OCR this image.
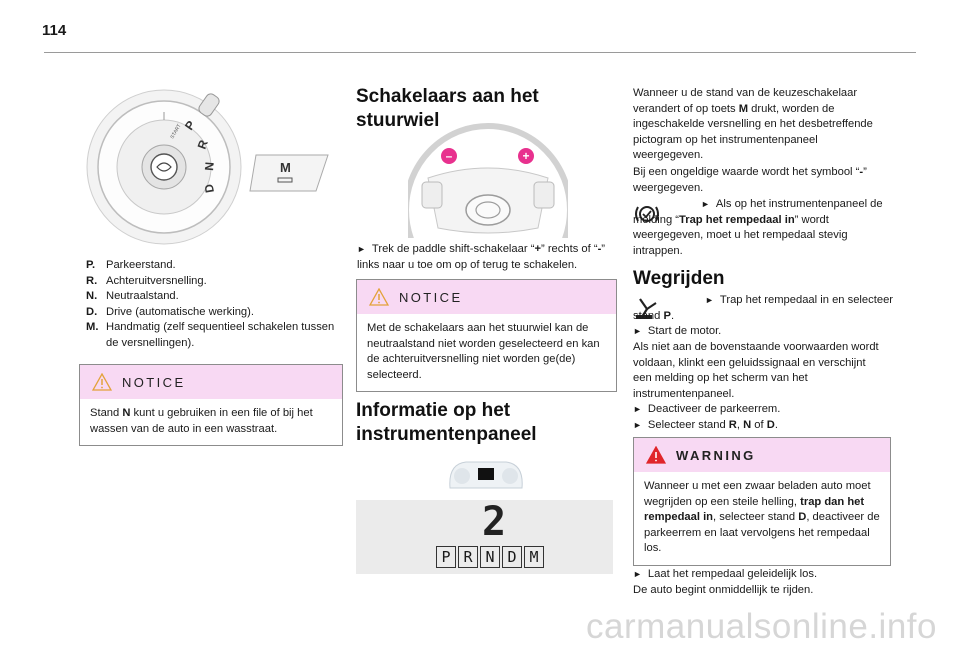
114
P
R
N
D
START
M
P. Parkeerstand.
R. Achteruitversnelling.
N. Neutraalstand.
D. Drive (automatische werking).
M. Handmatig (zelf sequentieel schakelen tussen de versnellingen).
NOTICE
Stand N kunt u gebruiken in een file of bij het wassen van de auto in een wasstraat.
Schakelaars aan het stuurwiel
–	+
► Trek de paddle shift-schakelaar “+” rechts of “-” links naar u toe om op of terug te schakelen.
NOTICE
Met de schakelaars aan het stuurwiel kan de neutraalstand niet worden geselecteerd en kan de achteruitversnelling niet worden ge(de) selecteerd.
Informatie op het instrumentenpaneel
2
P R N D M
Wanneer u de stand van de keuzeschakelaar verandert of op toets M drukt, worden de ingeschakelde versnelling en het desbetreffende pictogram op het instrumentenpaneel weergegeven.
Bij een ongeldige waarde wordt het symbool “-” weergegeven.
► Als op het instrumentenpaneel de melding “Trap het rempedaal in” wordt weergegeven, moet u het rempedaal stevig intrappen.
Wegrijden
► Trap het rempedaal in en selecteer stand P.
► Start de motor.
Als niet aan de bovenstaande voorwaarden wordt voldaan, klinkt een geluidssignaal en verschijnt een melding op het scherm van het instrumentenpaneel.
► Deactiveer de parkeerrem.
► Selecteer stand R, N of D.
WARNING
Wanneer u met een zwaar beladen auto moet wegrijden op een steile helling, trap dan het rempedaal in, selecteer stand D, deactiveer de parkeerrem en laat vervolgens het rempedaal los.
► Laat het rempedaal geleidelijk los.
De auto begint onmiddellijk te rijden.
carmanualsonline.info
